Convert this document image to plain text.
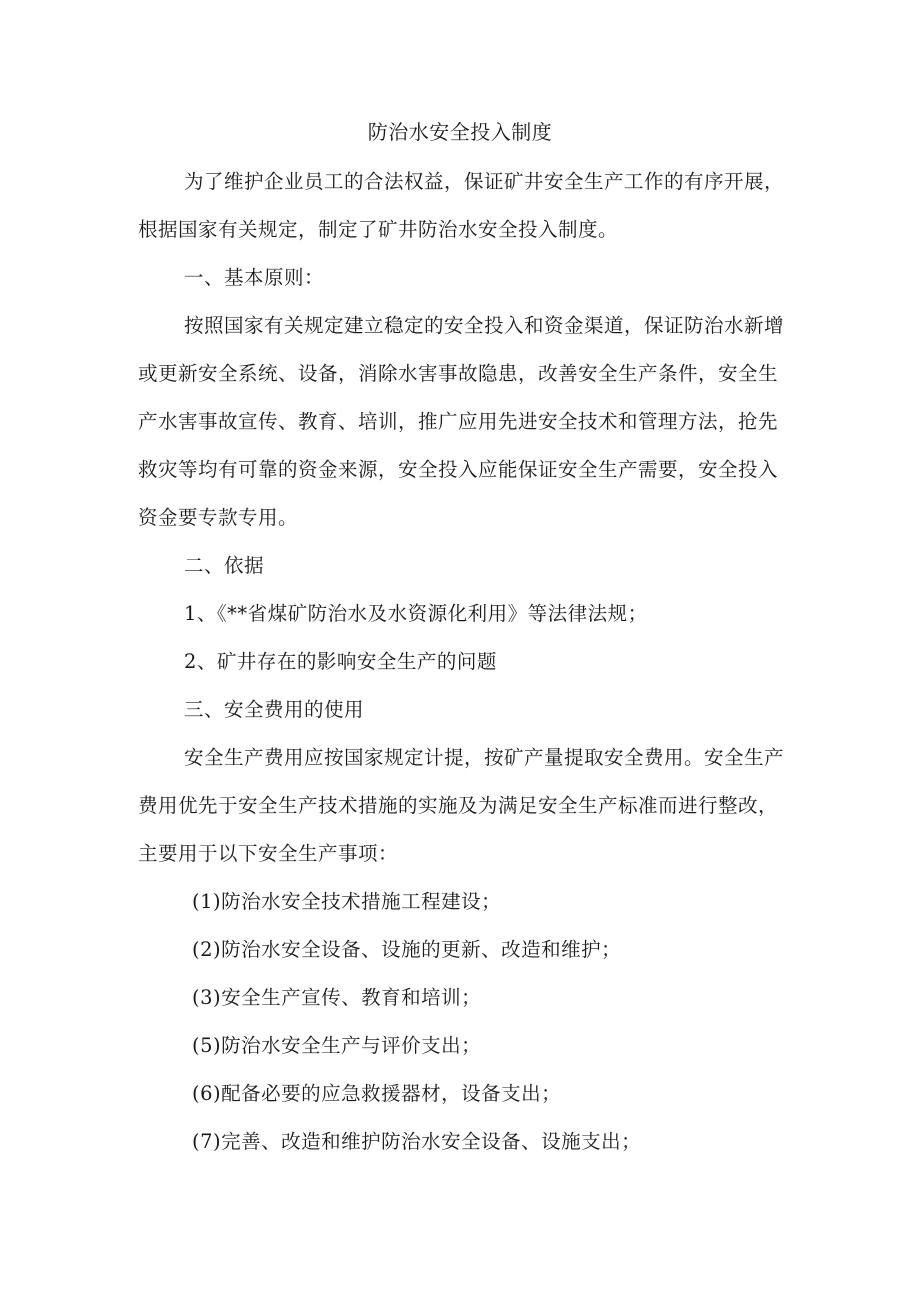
防治水安全投入制度
为了维护企业员工的合法权益，保证矿井安全生产工作的有序开展，
根据国家有关规定，制定了矿井防治水安全投入制度。
一、基本原则：
按照国家有关规定建立稳定的安全投入和资金渠道，保证防治水新增
或更新安全系统、设备，消除水害事故隐患，改善安全生产条件，安全生
产水害事故宣传、教育、培训，推广应用先进安全技术和管理方法，抢先
救灾等均有可靠的资金来源，安全投入应能保证安全生产需要，安全投入
资金要专款专用。
二、依据
1、《**省煤矿防治水及水资源化利用》等法律法规；
2、矿井存在的影响安全生产的问题
三、安全费用的使用
安全生产费用应按国家规定计提，按矿产量提取安全费用。安全生产
费用优先于安全生产技术措施的实施及为满足安全生产标准而进行整改，
主要用于以下安全生产事项：
(1)防治水安全技术措施工程建设；
(2)防治水安全设备、设施的更新、改造和维护；
(3)安全生产宣传、教育和培训；
(5)防治水安全生产与评价支出；
(6)配备必要的应急救援器材，设备支出；
(7)完善、改造和维护防治水安全设备、设施支出；
